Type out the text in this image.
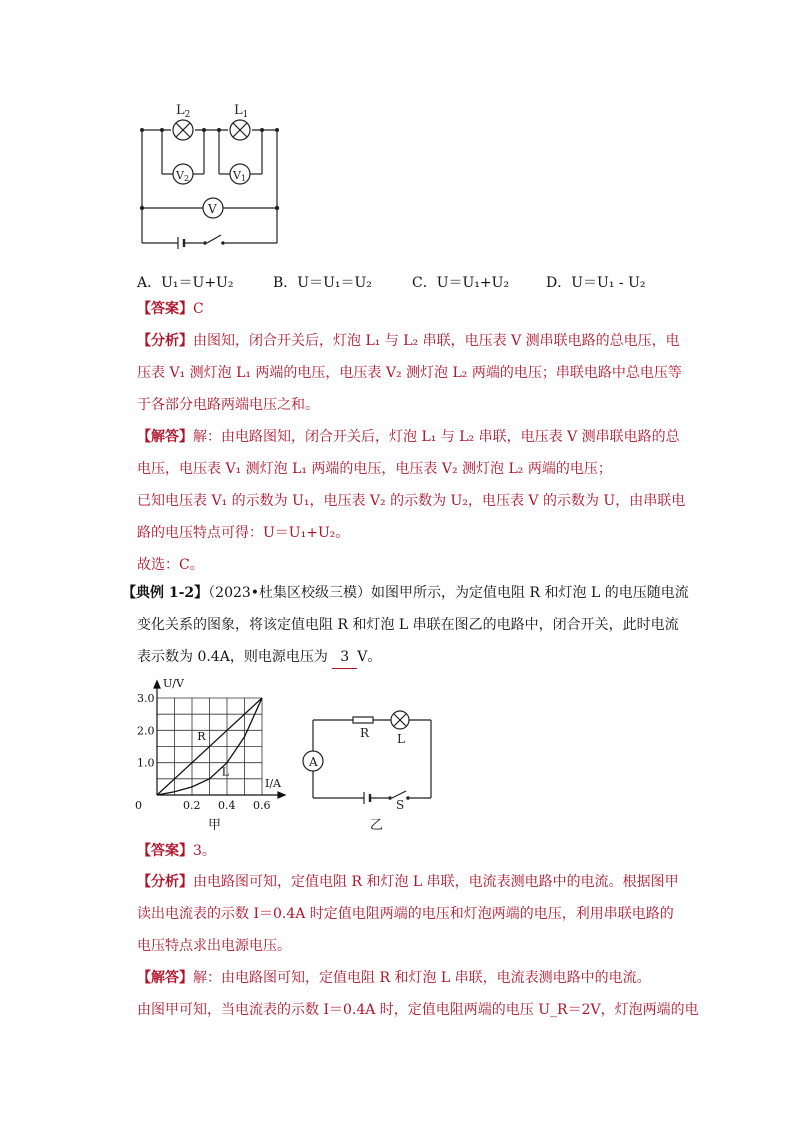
$L_2$	$L_1$
V2	V1
V
A．U₁＝U+U₂	B．U＝U₁＝U₂	C．U＝U₁+U₂	D．U＝U₁ - U₂
【答案】C
【分析】由图知，闭合开关后，灯泡 L₁ 与 L₂ 串联，电压表 V 测串联电路的总电压，电
压表 V₁ 测灯泡 L₁ 两端的电压，电压表 V₂ 测灯泡 L₂ 两端的电压；串联电路中总电压等
于各部分电路两端电压之和。
【解答】解：由电路图知，闭合开关后，灯泡 L₁ 与 L₂ 串联，电压表 V 测串联电路的总
电压，电压表 V₁ 测灯泡 L₁ 两端的电压，电压表 V₂ 测灯泡 L₂ 两端的电压；
已知电压表 V₁ 的示数为 U₁，电压表 V₂ 的示数为 U₂，电压表 V 的示数为 U，由串联电
路的电压特点可得：U＝U₁+U₂。
故选：C。
【典例 1-2】（2023•杜集区校级三模）如图甲所示，为定值电阻 R 和灯泡 L 的电压随电流
变化关系的图象，将该定值电阻 R 和灯泡 L 串联在图乙的电路中，闭合开关，此时电流
表示数为 0.4A，则电源电压为 3 V。
R
L
0	0.2 0.4 0.6
1.0
2.0
3.0
U/V
I/A
甲
R L
A
S
乙
【答案】3。
【分析】由电路图可知，定值电阻 R 和灯泡 L 串联，电流表测电路中的电流。根据图甲
读出电流表的示数 I＝0.4A 时定值电阻两端的电压和灯泡两端的电压，利用串联电路的
电压特点求出电源电压。
【解答】解：由电路图可知，定值电阻 R 和灯泡 L 串联，电流表测电路中的电流。
由图甲可知，当电流表的示数 I＝0.4A 时，定值电阻两端的电压 U_R＝2V，灯泡两端的电
